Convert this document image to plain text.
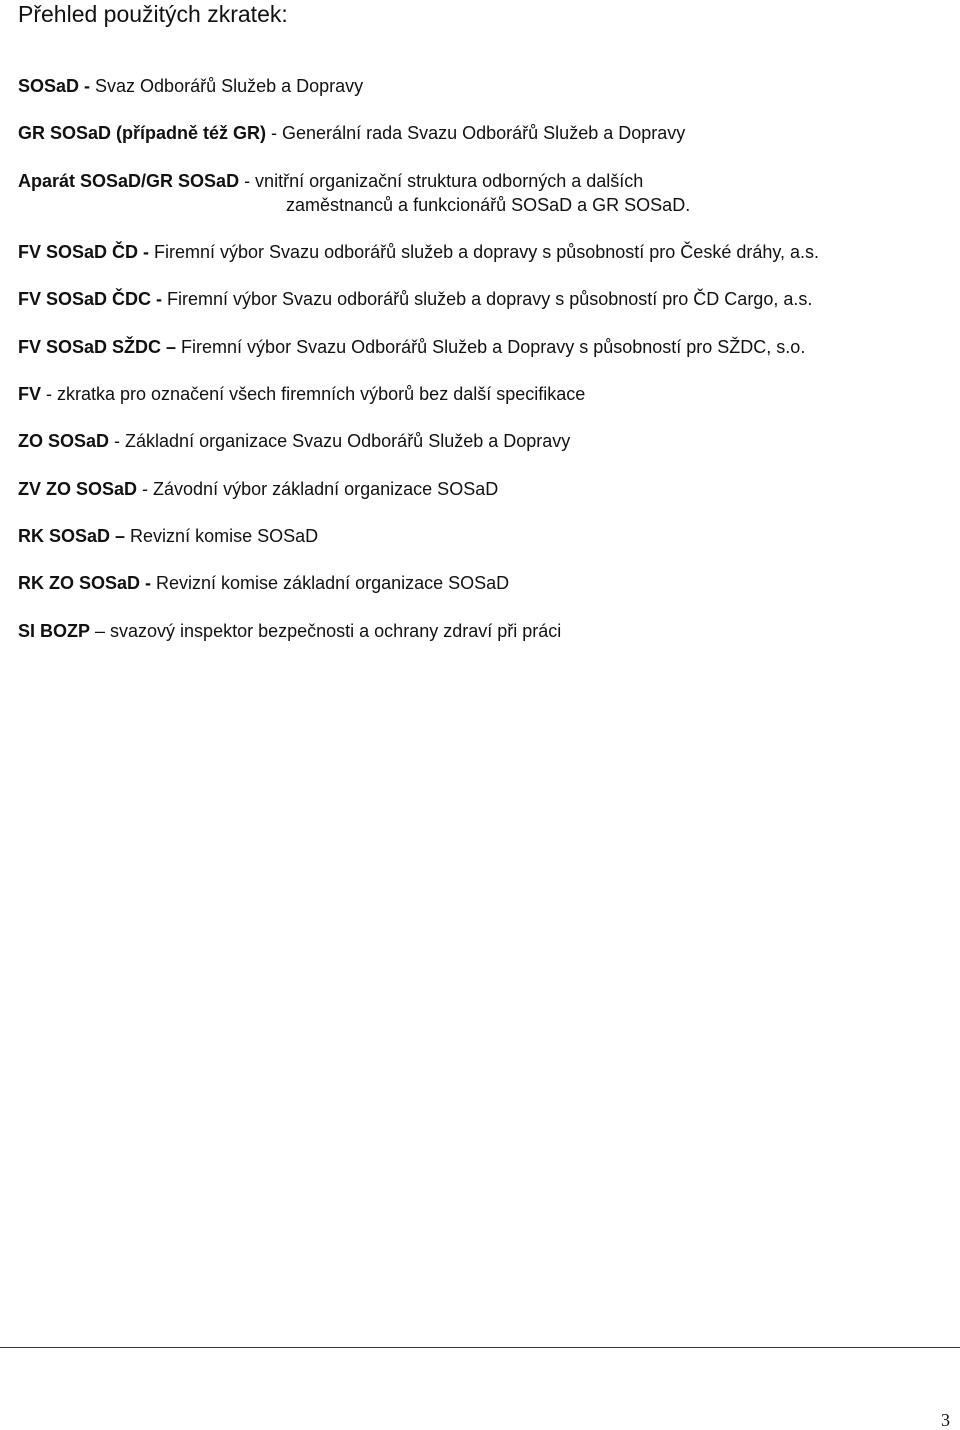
Přehled použitých zkratek:
SOSaD - Svaz Odborářů Služeb a Dopravy
GR SOSaD (případně též GR) - Generální rada Svazu Odborářů Služeb a Dopravy
Aparát SOSaD/GR SOSaD - vnitřní organizační struktura odborných a dalších
zaměstnanců a funkcionářů SOSaD a GR SOSaD.
FV SOSaD ČD - Firemní výbor Svazu odborářů služeb a dopravy s působností pro České dráhy, a.s.
FV SOSaD ČDC - Firemní výbor Svazu odborářů služeb a dopravy s působností pro ČD Cargo, a.s.
FV SOSaD SŽDC – Firemní výbor Svazu Odborářů Služeb a Dopravy s působností pro SŽDC, s.o.
FV - zkratka pro označení všech firemních výborů bez další specifikace
ZO SOSaD - Základní organizace Svazu Odborářů Služeb a Dopravy
ZV ZO SOSaD - Závodní výbor základní organizace SOSaD
RK SOSaD – Revizní komise SOSaD
RK ZO SOSaD - Revizní komise základní organizace SOSaD
SI BOZP – svazový inspektor bezpečnosti a ochrany zdraví při práci
3
